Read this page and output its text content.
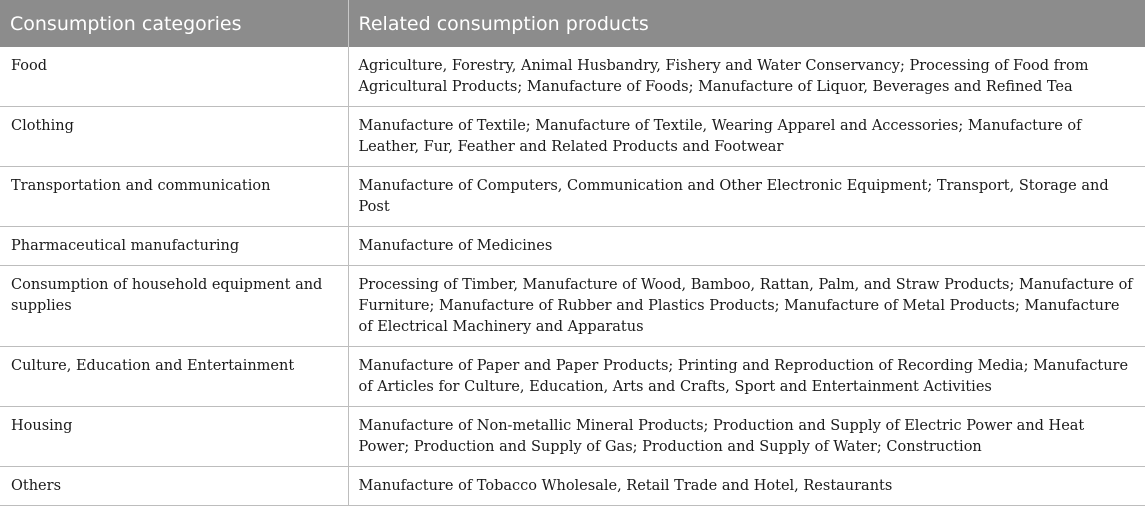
Consumption categories	Related consumption products
Food	Agriculture, Forestry, Animal Husbandry, Fishery and Water Conservancy; Processing of Food from Agricultural Products; Manufacture of Foods; Manufacture of Liquor, Beverages and Refined Tea
Clothing	Manufacture of Textile; Manufacture of Textile, Wearing Apparel and Accessories; Manufacture of Leather, Fur, Feather and Related Products and Footwear
Transportation and communication	Manufacture of Computers, Communication and Other Electronic Equipment; Transport, Storage and Post
Pharmaceutical manufacturing	Manufacture of Medicines
Consumption of household equipment and supplies	Processing of Timber, Manufacture of Wood, Bamboo, Rattan, Palm, and Straw Products; Manufacture of Furniture; Manufacture of Rubber and Plastics Products; Manufacture of Metal Products; Manufacture of Electrical Machinery and Apparatus
Culture, Education and Entertainment	Manufacture of Paper and Paper Products; Printing and Reproduction of Recording Media; Manufacture of Articles for Culture, Education, Arts and Crafts, Sport and Entertainment Activities
Housing	Manufacture of Non-metallic Mineral Products; Production and Supply of Electric Power and Heat Power; Production and Supply of Gas; Production and Supply of Water; Construction
Others	Manufacture of Tobacco Wholesale, Retail Trade and Hotel, Restaurants
